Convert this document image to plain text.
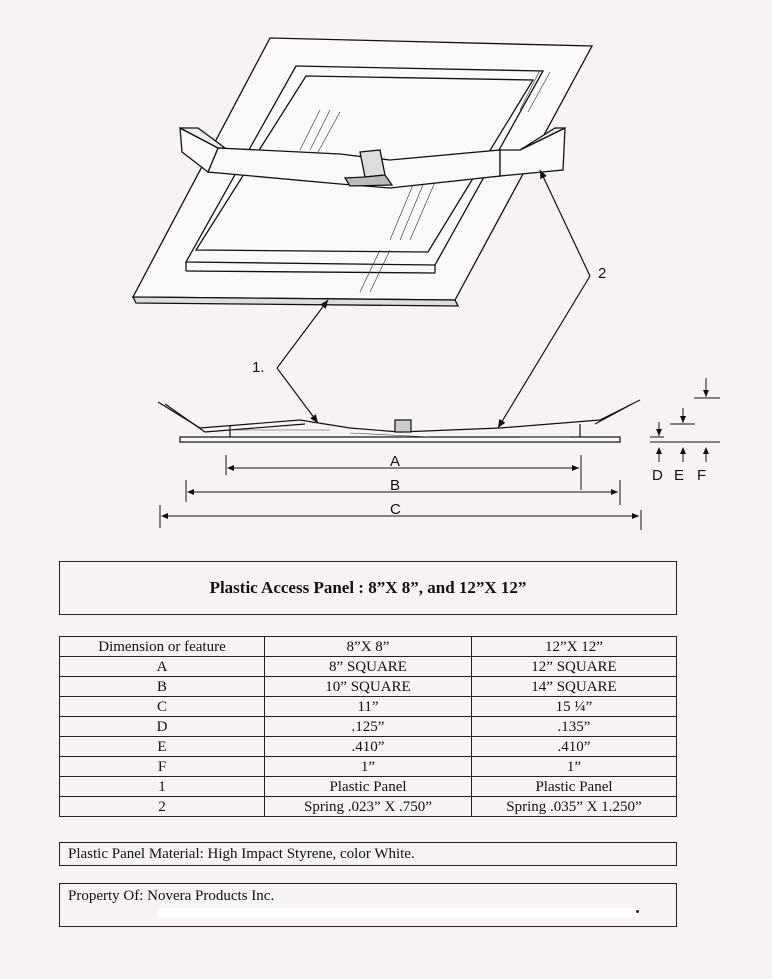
1.
2
A
B
C
D E F
Plastic Access Panel : 8”X 8”, and 12”X 12”
Dimension or feature	8”X 8”	12”X 12”
A	8” SQUARE	12” SQUARE
B	10” SQUARE	14” SQUARE
C	11”	15 ¼”
D	.125”	.135”
E	.410”	.410”
F	1”	1”
1	Plastic Panel	Plastic Panel
2	Spring .023” X .750”	Spring .035” X 1.250”
Plastic Panel Material: High Impact Styrene, color White.
Property Of: Novera Products Inc.
